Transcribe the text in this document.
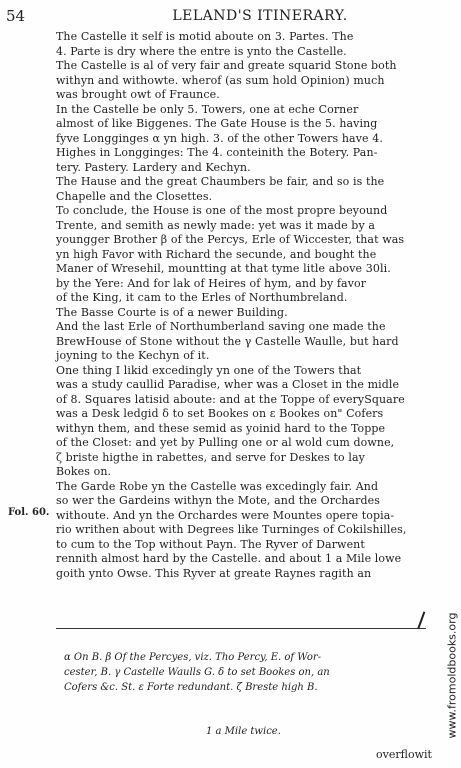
54	LELAND'S ITINERARY.

The Castelle it self is motid aboute on 3. Partes. The
4. Parte is dry where the entre is ynto the Castelle.

The Castelle is al of very fair and greate squarid Stone both
withyn and withowte. wherof (as sum hold Opinion) much
was brought owt of Fraunce.

In the Castelle be only 5. Towers, one at eche Corner
almost of like Biggenes. The Gate House is the 5. having
fyve Longginges α yn high. 3. of the other Towers have 4.
Highes in Longginges: The 4. conteinith the Botery. Pan-
tery. Pastery. Lardery and Kechyn.

The Hause and the great Chaumbers be fair, and so is the
Chapelle and the Closettes.

To conclude, the House is one of the most propre beyound
Trente, and semith as newly made: yet was it made by a
youngger Brother β of the Percys, Erle of Wiccester, that was
yn high Favor with Richard the secunde, and bought the
Maner of Wresehil, mountting at that tyme litle above 30li.
by the Yere: And for lak of Heires of hym, and by favor
of the King, it cam to the Erles of Northumbreland.

The Basse Courte is of a newer Building.

And the last Erle of Northumberland saving one made the
BrewHouse of Stone without the γ Castelle Waulle, but hard
joyning to the Kechyn of it.

One thing I likid excedingly yn one of the Towers that
was a study caullid Paradise, wher was a Closet in the midle
of 8. Squares latisid aboute: and at the Toppe of everySquare
was a Desk ledgid δ to set Bookes on ε Bookes on" Cofers
withyn them, and these semid as yoinid hard to the Toppe
of the Closet: and yet by Pulling one or al wold cum downe,
ζ briste higthe in rabettes, and serve for Deskes to lay
Bokes on.

The Garde Robe yn the Castelle was excedingly fair. And
so wer the Gardeins withyn the Mote, and the Orchardes
withoute. And yn the Orchardes were Mountes opere topia-
rio writhen about with Degrees like Turninges of Cokilshilles,
to cum to the Top without Payn. The Ryver of Darwent
rennith almost hard by the Castelle. and about 1 a Mile lowe
goith ynto Owse. This Ryver at greate Raynes ragith an

Fol. 60.
α On B. β Of the Percyes, viz. Tho Percy, E. of Wor-
cester, B. γ Castelle Waulls G. δ to set Bookes on, an
Cofers &c. St. ε Forte redundant. ζ Breste high B.
1 a Mile twice.
overflowit
www.fromoldbooks.org
